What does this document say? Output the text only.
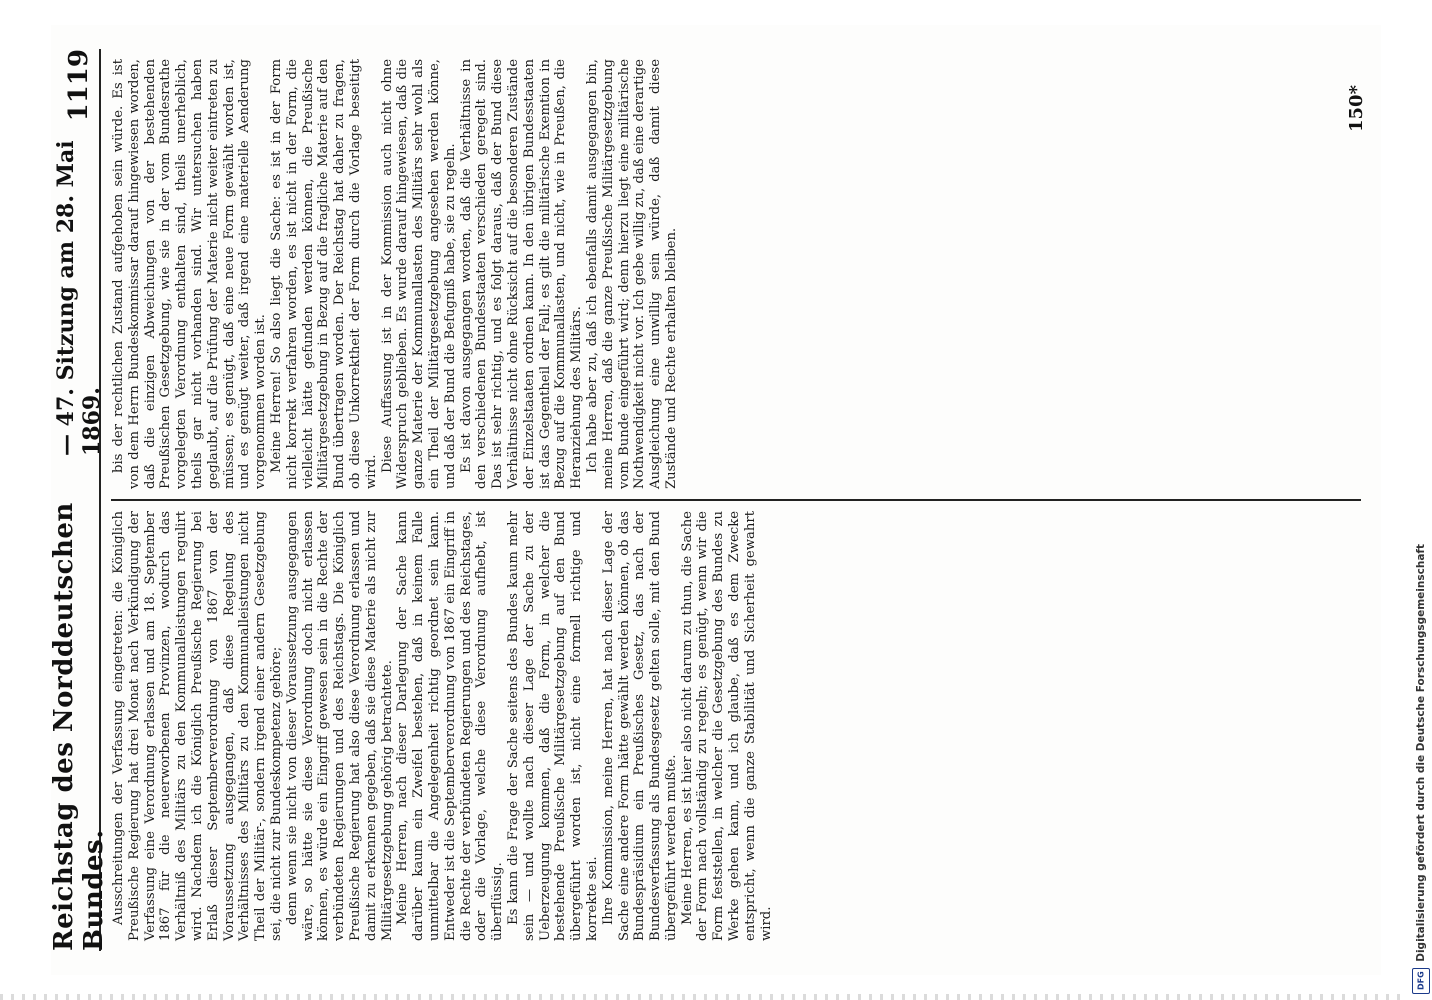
Reichstag des Norddeutschen Bundes.
— 47. Sitzung am 28. Mai 1869.
1119

Ausschreitungen der Verfassung eingetreten: die Königlich Preußische Regierung hat drei Monat nach Verkündigung der Verfassung eine Verordnung erlassen und am 18. September 1867 für die neuerworbenen Provinzen, wodurch das Verhältniß des Militärs zu den Kommunalleistungen regulirt wird. Nachdem ich die Königlich Preußische Regierung bei Erlaß dieser Septemberverordnung von 1867 von der Voraussetzung ausgegangen, daß diese Regelung des Verhältnisses des Militärs zu den Kommunalleistungen nicht Theil der Militär-, sondern irgend einer andern Gesetzgebung sei, die nicht zur Bundeskompetenz gehöre; denn wenn sie nicht von dieser Voraussetzung ausgegangen wäre, so hätte sie diese Verordnung doch nicht erlassen können, es würde ein Eingriff gewesen sein in die Rechte der verbündeten Regierungen und des Reichstags. Die Königlich Preußische Regierung hat also diese Verordnung erlassen und damit zu erkennen gegeben, daß sie diese Materie als nicht zur Militärgesetzgebung gehörig betrachtete. Meine Herren, nach dieser Darlegung der Sache kann darüber kaum ein Zweifel bestehen, daß in keinem Falle unmittelbar die Angelegenheit richtig geordnet sein kann. Entweder ist die Septemberverordnung von 1867 ein Eingriff in die Rechte der verbündeten Regierungen und des Reichstages, oder die Vorlage, welche diese Verordnung aufhebt, ist überflüssig. Es kann die Frage der Sache seitens des Bundes kaum mehr sein — und wollte nach dieser Lage der Sache zu der Ueberzeugung kommen, daß die Form, in welcher die bestehende Preußische Militärgesetzgebung auf den Bund übergeführt worden ist, nicht eine formell richtige und korrekte sei. Ihre Kommission, meine Herren, hat nach dieser Lage der Sache eine andere Form hätte gewählt werden können, ob das Bundespräsidium ein Preußisches Gesetz, das nach der Bundesverfassung als Bundesgesetz gelten solle, mit den Bund übergeführt werden mußte. Meine Herren, es ist hier also nicht darum zu thun, die Sache der Form nach vollständig zu regeln; es genügt, wenn wir die Form feststellen, in welcher die Gesetzgebung des Bundes zu Werke gehen kann, und ich glaube, daß es dem Zwecke entspricht, wenn die ganze Stabilität und Sicherheit gewahrt wird.

bis der rechtlichen Zustand aufgehoben sein würde. Es ist von dem Herrn Bundeskommissar darauf hingewiesen worden, daß die einzigen Abweichungen von der bestehenden Preußischen Gesetzgebung, wie sie in der vom Bundesrathe vorgelegten Verordnung enthalten sind, theils unerheblich, theils gar nicht vorhanden sind. Wir untersuchen haben geglaubt, auf die Prüfung der Materie nicht weiter eintreten zu müssen; es genügt, daß eine neue Form gewählt worden ist, und es genügt weiter, daß irgend eine materielle Aenderung vorgenommen worden ist. Meine Herren! So also liegt die Sache: es ist in der Form nicht korrekt verfahren worden, es ist nicht in der Form, die vielleicht hätte gefunden werden können, die Preußische Militärgesetzgebung in Bezug auf die fragliche Materie auf den Bund übertragen worden. Der Reichstag hat daher zu fragen, ob diese Unkorrektheit der Form durch die Vorlage beseitigt wird. Diese Auffassung ist in der Kommission auch nicht ohne Widerspruch geblieben. Es wurde darauf hingewiesen, daß die ganze Materie der Kommunallasten des Militärs sehr wohl als ein Theil der Militärgesetzgebung angesehen werden könne, und daß der Bund die Befugniß habe, sie zu regeln. Es ist davon ausgegangen worden, daß die Verhältnisse in den verschiedenen Bundesstaaten verschieden geregelt sind. Das ist sehr richtig, und es folgt daraus, daß der Bund diese Verhältnisse nicht ohne Rücksicht auf die besonderen Zustände der Einzelstaaten ordnen kann. In den übrigen Bundesstaaten ist das Gegentheil der Fall; es gilt die militärische Exemtion in Bezug auf die Kommunallasten, und nicht, wie in Preußen, die Heranziehung des Militärs. Ich habe aber zu, daß ich ebenfalls damit ausgegangen bin, meine Herren, daß die ganze Preußische Militärgesetzgebung vom Bunde eingeführt wird; denn hierzu liegt eine militärische Nothwendigkeit nicht vor. Ich gebe willig zu, daß eine derartige Ausgleichung eine unwillig sein würde, daß damit diese Zustände und Rechte erhalten bleiben.

150*
Digitalisierung gefördert durch die Deutsche Forschungsgemeinschaft
DFG
